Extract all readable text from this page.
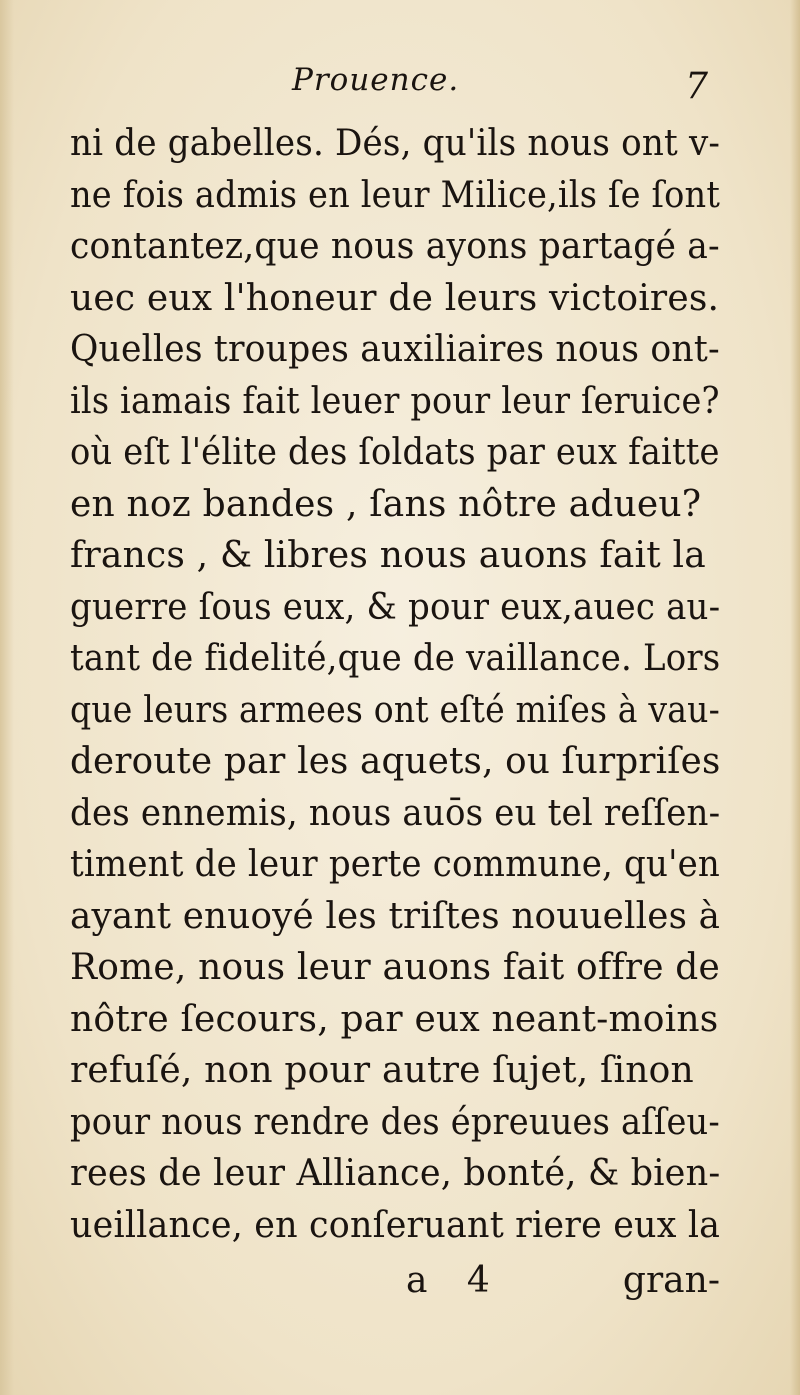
Prouence.	7
ni de gabelles. Dés, qu'ils nous ont v-
ne fois admis en leur Milice,ils ſe ſont
contantez,que nous ayons partagé a-
uec eux l'honeur de leurs victoires.
Quelles troupes auxiliaires nous ont-
ils iamais fait leuer pour leur ſeruice?
où eſt l'élite des ſoldats par eux faitte
en noz bandes , ſans nôtre adueu?
francs , & libres nous auons fait la
guerre ſous eux, & pour eux,auec au-
tant de fidelité,que de vaillance. Lors
que leurs armees ont eſté miſes à vau-
deroute par les aquets, ou ſurpriſes
des ennemis, nous auōs eu tel reſſen-
timent de leur perte commune, qu'en
ayant enuoyé les triſtes nouuelles à
Rome, nous leur auons fait offre de
nôtre ſecours, par eux neant-moins
refuſé, non pour autre ſujet, ſinon
pour nous rendre des épreuues aſſeu-
rees de leur Alliance, bonté, & bien-
ueillance, en conſeruant riere eux la
a 4	gran-
